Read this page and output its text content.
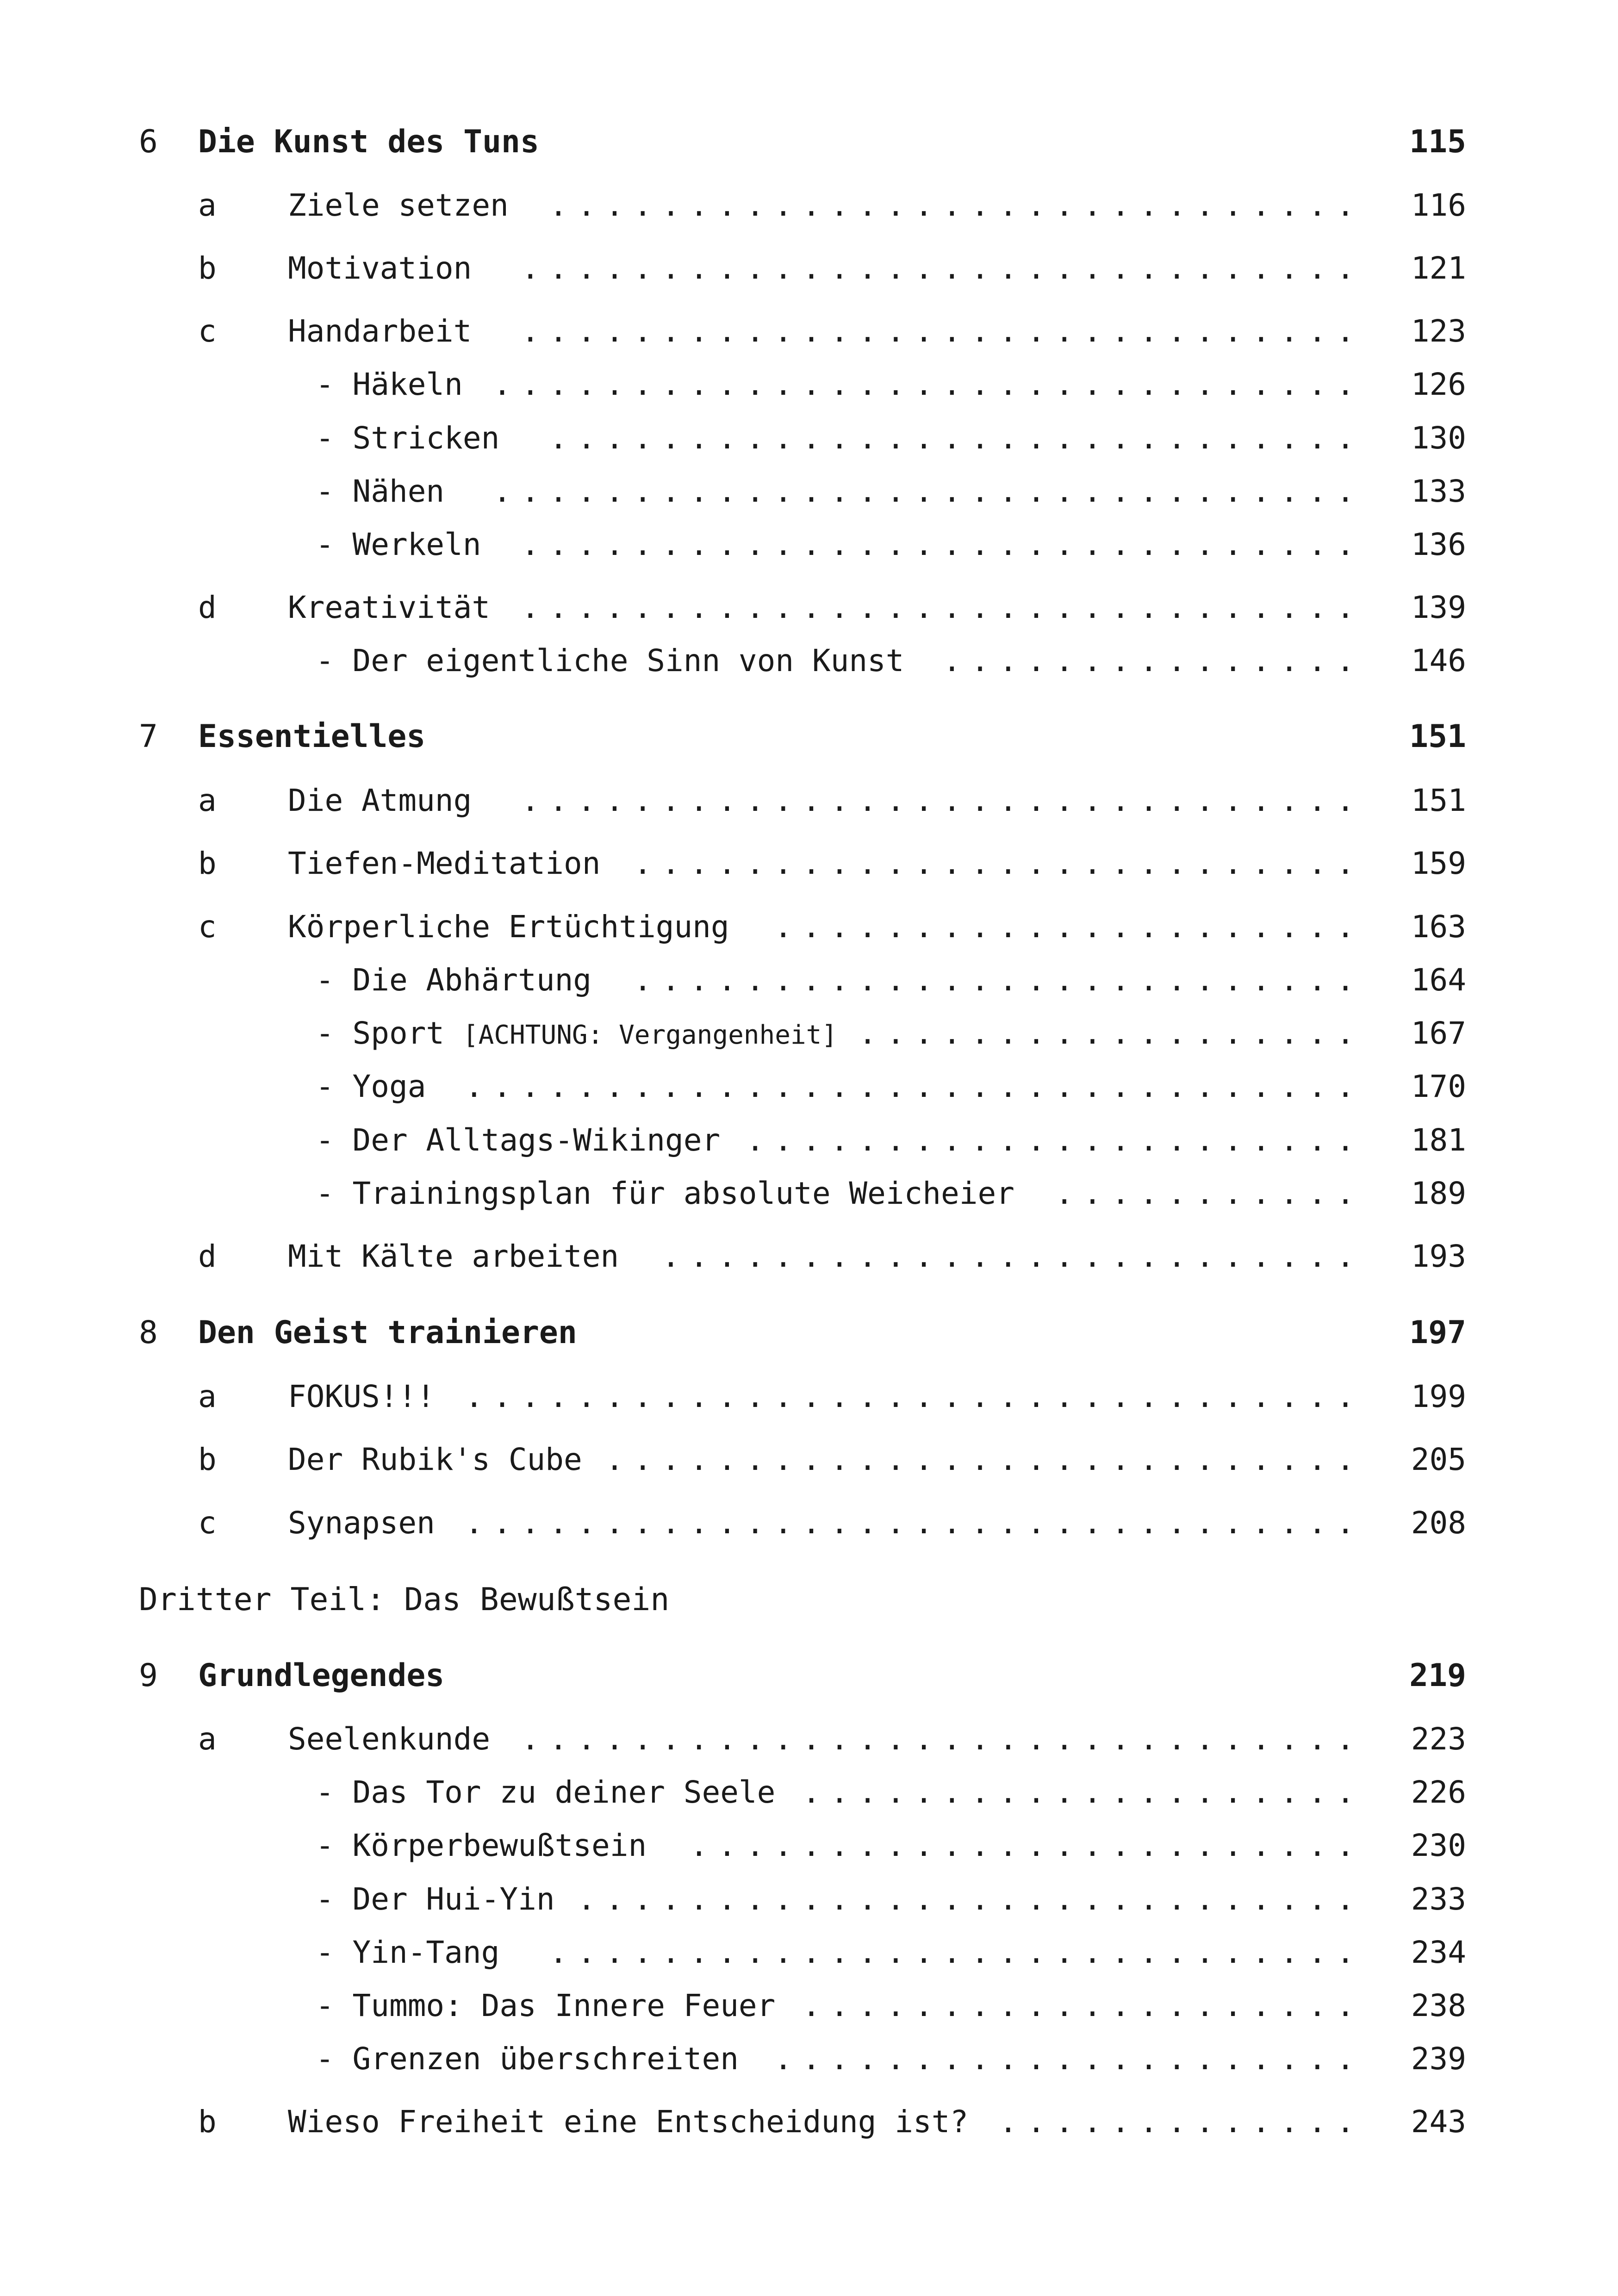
6 Die Kunst des Tuns	115
a Ziele setzen	............................. 116
b Motivation	.............................. 121
c Handarbeit	.............................. 123
- Häkeln ............................... 126
- Stricken	............................. 130
- Nähen	............................... 133
- Werkeln	.............................. 136
d Kreativität	.............................. 139
- Der eigentliche Sinn von Kunst	............... 146
7 Essentielles	151
a Die Atmung	.............................. 151
b Tiefen-Meditation	.......................... 159
c Körperliche Ertüchtigung	..................... 163
- Die Abhärtung	.......................... 164
- Sport [ACHTUNG: Vergangenheit] .................. 167
- Yoga	................................ 170
- Der Alltags-Wikinger ...................... 181
- Trainingsplan für absolute Weicheier	........... 189
d Mit Kälte arbeiten	......................... 193
8 Den Geist trainieren	197
a FOKUS!!! ................................ 199
b Der Rubik's Cube ........................... 205
c Synapsen ................................ 208
Dritter Teil: Das Bewußtsein
9 Grundlegendes	219
a Seelenkunde	.............................. 223
- Das Tor zu deiner Seele .................... 226
- Körperbewußtsein	........................ 230
- Der Hui-Yin ............................ 233
- Yin-Tang	............................. 234
- Tummo: Das Innere Feuer .................... 238
- Grenzen überschreiten	..................... 239
b Wieso Freiheit eine Entscheidung ist?	............. 243
